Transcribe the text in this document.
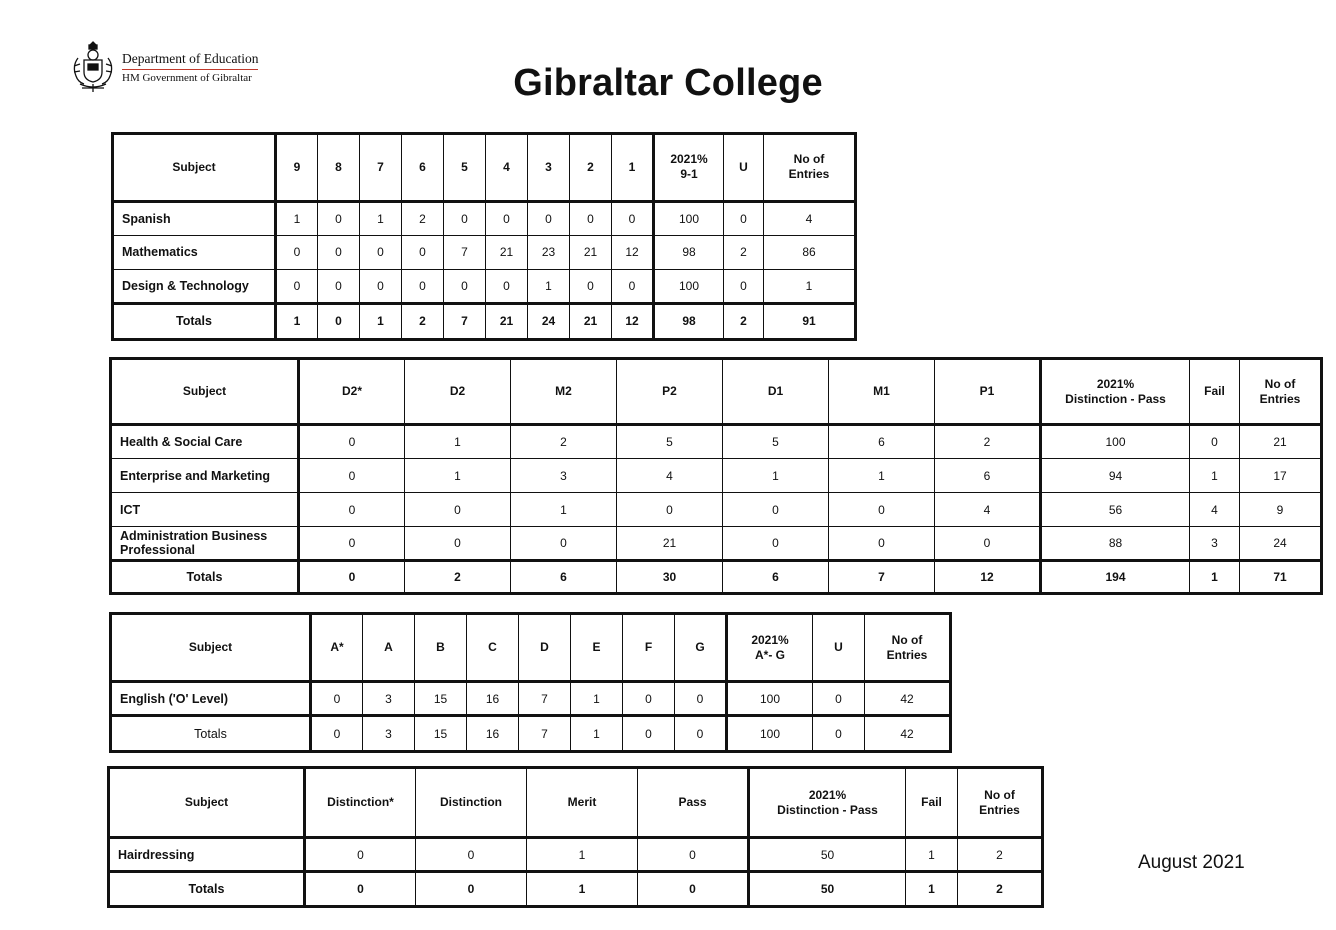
Department of Education
HM Government of Gibraltar	Gibraltar College
Subject	9	8	7	6	5	4	3	2	1	2021%
9-1	U	No of
Entries
Spanish	1	0	1	2	0	0	0	0	0	100	0	4
Mathematics	0	0	0	0	7	21	23	21	12	98	2	86
Design & Technology	0	0	0	0	0	0	1	0	0	100	0	1
Totals	1	0	1	2	7	21	24	21	12	98	2	91
Subject	D2*	D2	M2	P2	D1	M1	P1	2021%
Distinction - Pass	Fail	No of
Entries
Health & Social Care	0	1	2	5	5	6	2	100	0	21
Enterprise and Marketing	0	1	3	4	1	1	6	94	1	17
ICT	0	0	1	0	0	0	4	56	4	9
Administration Business
Professional	0	0	0	21	0	0	0	88	3	24
Totals	0	2	6	30	6	7	12	194	1	71
Subject	A*	A	B	C	D	E	F	G	2021%
A*- G	U	No of
Entries
English ('O' Level)	0	3	15	16	7	1	0	0	100	0	42
Totals	0	3	15	16	7	1	0	0	100	0	42
Subject	Distinction*	Distinction	Merit	Pass	2021%
Distinction - Pass	Fail	No of
Entries
Hairdressing	0	0	1	0	50	1	2
Totals	0	0	1	0	50	1	2
August 2021
